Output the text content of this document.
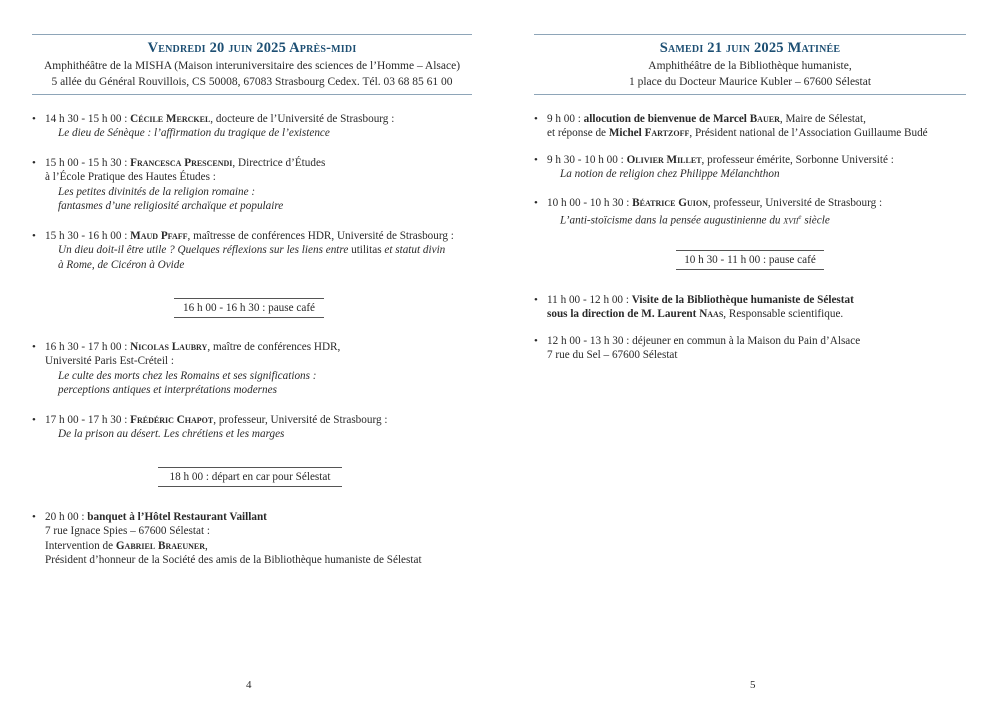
Vendredi 20 juin 2025 Après-midi
Amphithéâtre de la MISHA (Maison interuniversitaire des sciences de l’Homme – Alsace)
5 allée du Général Rouvillois, CS 50008, 67083 Strasbourg Cedex. Tél. 03 68 85 61 00
• 14 h 30 - 15 h 00 : Cécile Merckel, docteure de l’Université de Strasbourg :
Le dieu de Sénèque : l’affirmation du tragique de l’existence
• 15 h 00 - 15 h 30 : Francesca Prescendi, Directrice d’Études
à l’École Pratique des Hautes Études :
Les petites divinités de la religion romaine :
fantasmes d’une religiosité archaïque et populaire
• 15 h 30 - 16 h 00 : Maud Pfaff, maîtresse de conférences HDR, Université de Strasbourg :
Un dieu doit-il être utile ? Quelques réflexions sur les liens entre utilitas et statut divin
à Rome, de Cicéron à Ovide
16 h 00 - 16 h 30 : pause café
• 16 h 30 - 17 h 00 : Nicolas Laubry, maître de conférences HDR,
Université Paris Est-Créteil :
Le culte des morts chez les Romains et ses significations :
perceptions antiques et interprétations modernes
• 17 h 00 - 17 h 30 : Frédéric Chapot, professeur, Université de Strasbourg :
De la prison au désert. Les chrétiens et les marges
18 h 00 : départ en car pour Sélestat
• 20 h 00 : banquet à l’Hôtel Restaurant Vaillant
7 rue Ignace Spies – 67600 Sélestat :
Intervention de Gabriel Braeuner,
Président d’honneur de la Société des amis de la Bibliothèque humaniste de Sélestat
4
Samedi 21 juin 2025 Matinée
Amphithéâtre de la Bibliothèque humaniste,
1 place du Docteur Maurice Kubler – 67600 Sélestat
• 9 h 00 : allocution de bienvenue de Marcel Bauer, Maire de Sélestat,
et réponse de Michel Fartzoff, Président national de l’Association Guillaume Budé
• 9 h 30 - 10 h 00 : Olivier Millet, professeur émérite, Sorbonne Université :
La notion de religion chez Philippe Mélanchthon
• 10 h 00 - 10 h 30 : Béatrice Guion, professeur, Université de Strasbourg :
L’anti-stoïcisme dans la pensée augustinienne du xvii$^e$ siècle
10 h 30 - 11 h 00 : pause café
• 11 h 00 - 12 h 00 : Visite de la Bibliothèque humaniste de Sélestat
sous la direction de M. Laurent Naas, Responsable scientifique.
• 12 h 00 - 13 h 30 : déjeuner en commun à la Maison du Pain d’Alsace
7 rue du Sel – 67600 Sélestat
5
